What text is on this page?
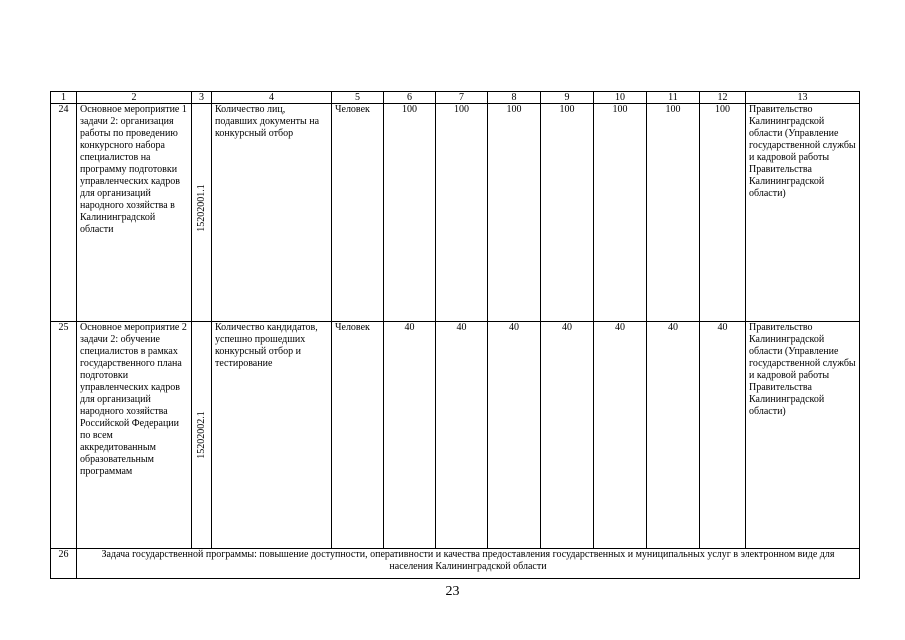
1	2	3	4	5	6	7	8	9	10	11	12	13
24	Основное мероприятие 1 задачи 2: организация работы по проведению конкурсного набора специалистов на программу подготовки управленческих кадров для организаций народного хозяйства в Калининградской области	15202001.1	Количество лиц, подавших документы на конкурсный отбор	Человек	100	100	100	100	100	100	100	Правительство Калининградской области (Управление государственной службы и кадровой работы Правительства Калининградской области)
25	Основное мероприятие 2 задачи 2: обучение специалистов в рамках государственного плана подготовки управленческих кадров для организаций народного хозяйства Российской Федерации по всем аккредитованным образовательным программам	15202002.1	Количество кандидатов, успешно прошедших конкурсный отбор и тестирование	Человек	40	40	40	40	40	40	40	Правительство Калининградской области (Управление государственной службы и кадровой работы Правительства Калининградской области)
26	Задача государственной программы: повышение доступности, оперативности и качества предоставления государственных и муниципальных услуг в электронном виде для населения Калининградской области											
23
